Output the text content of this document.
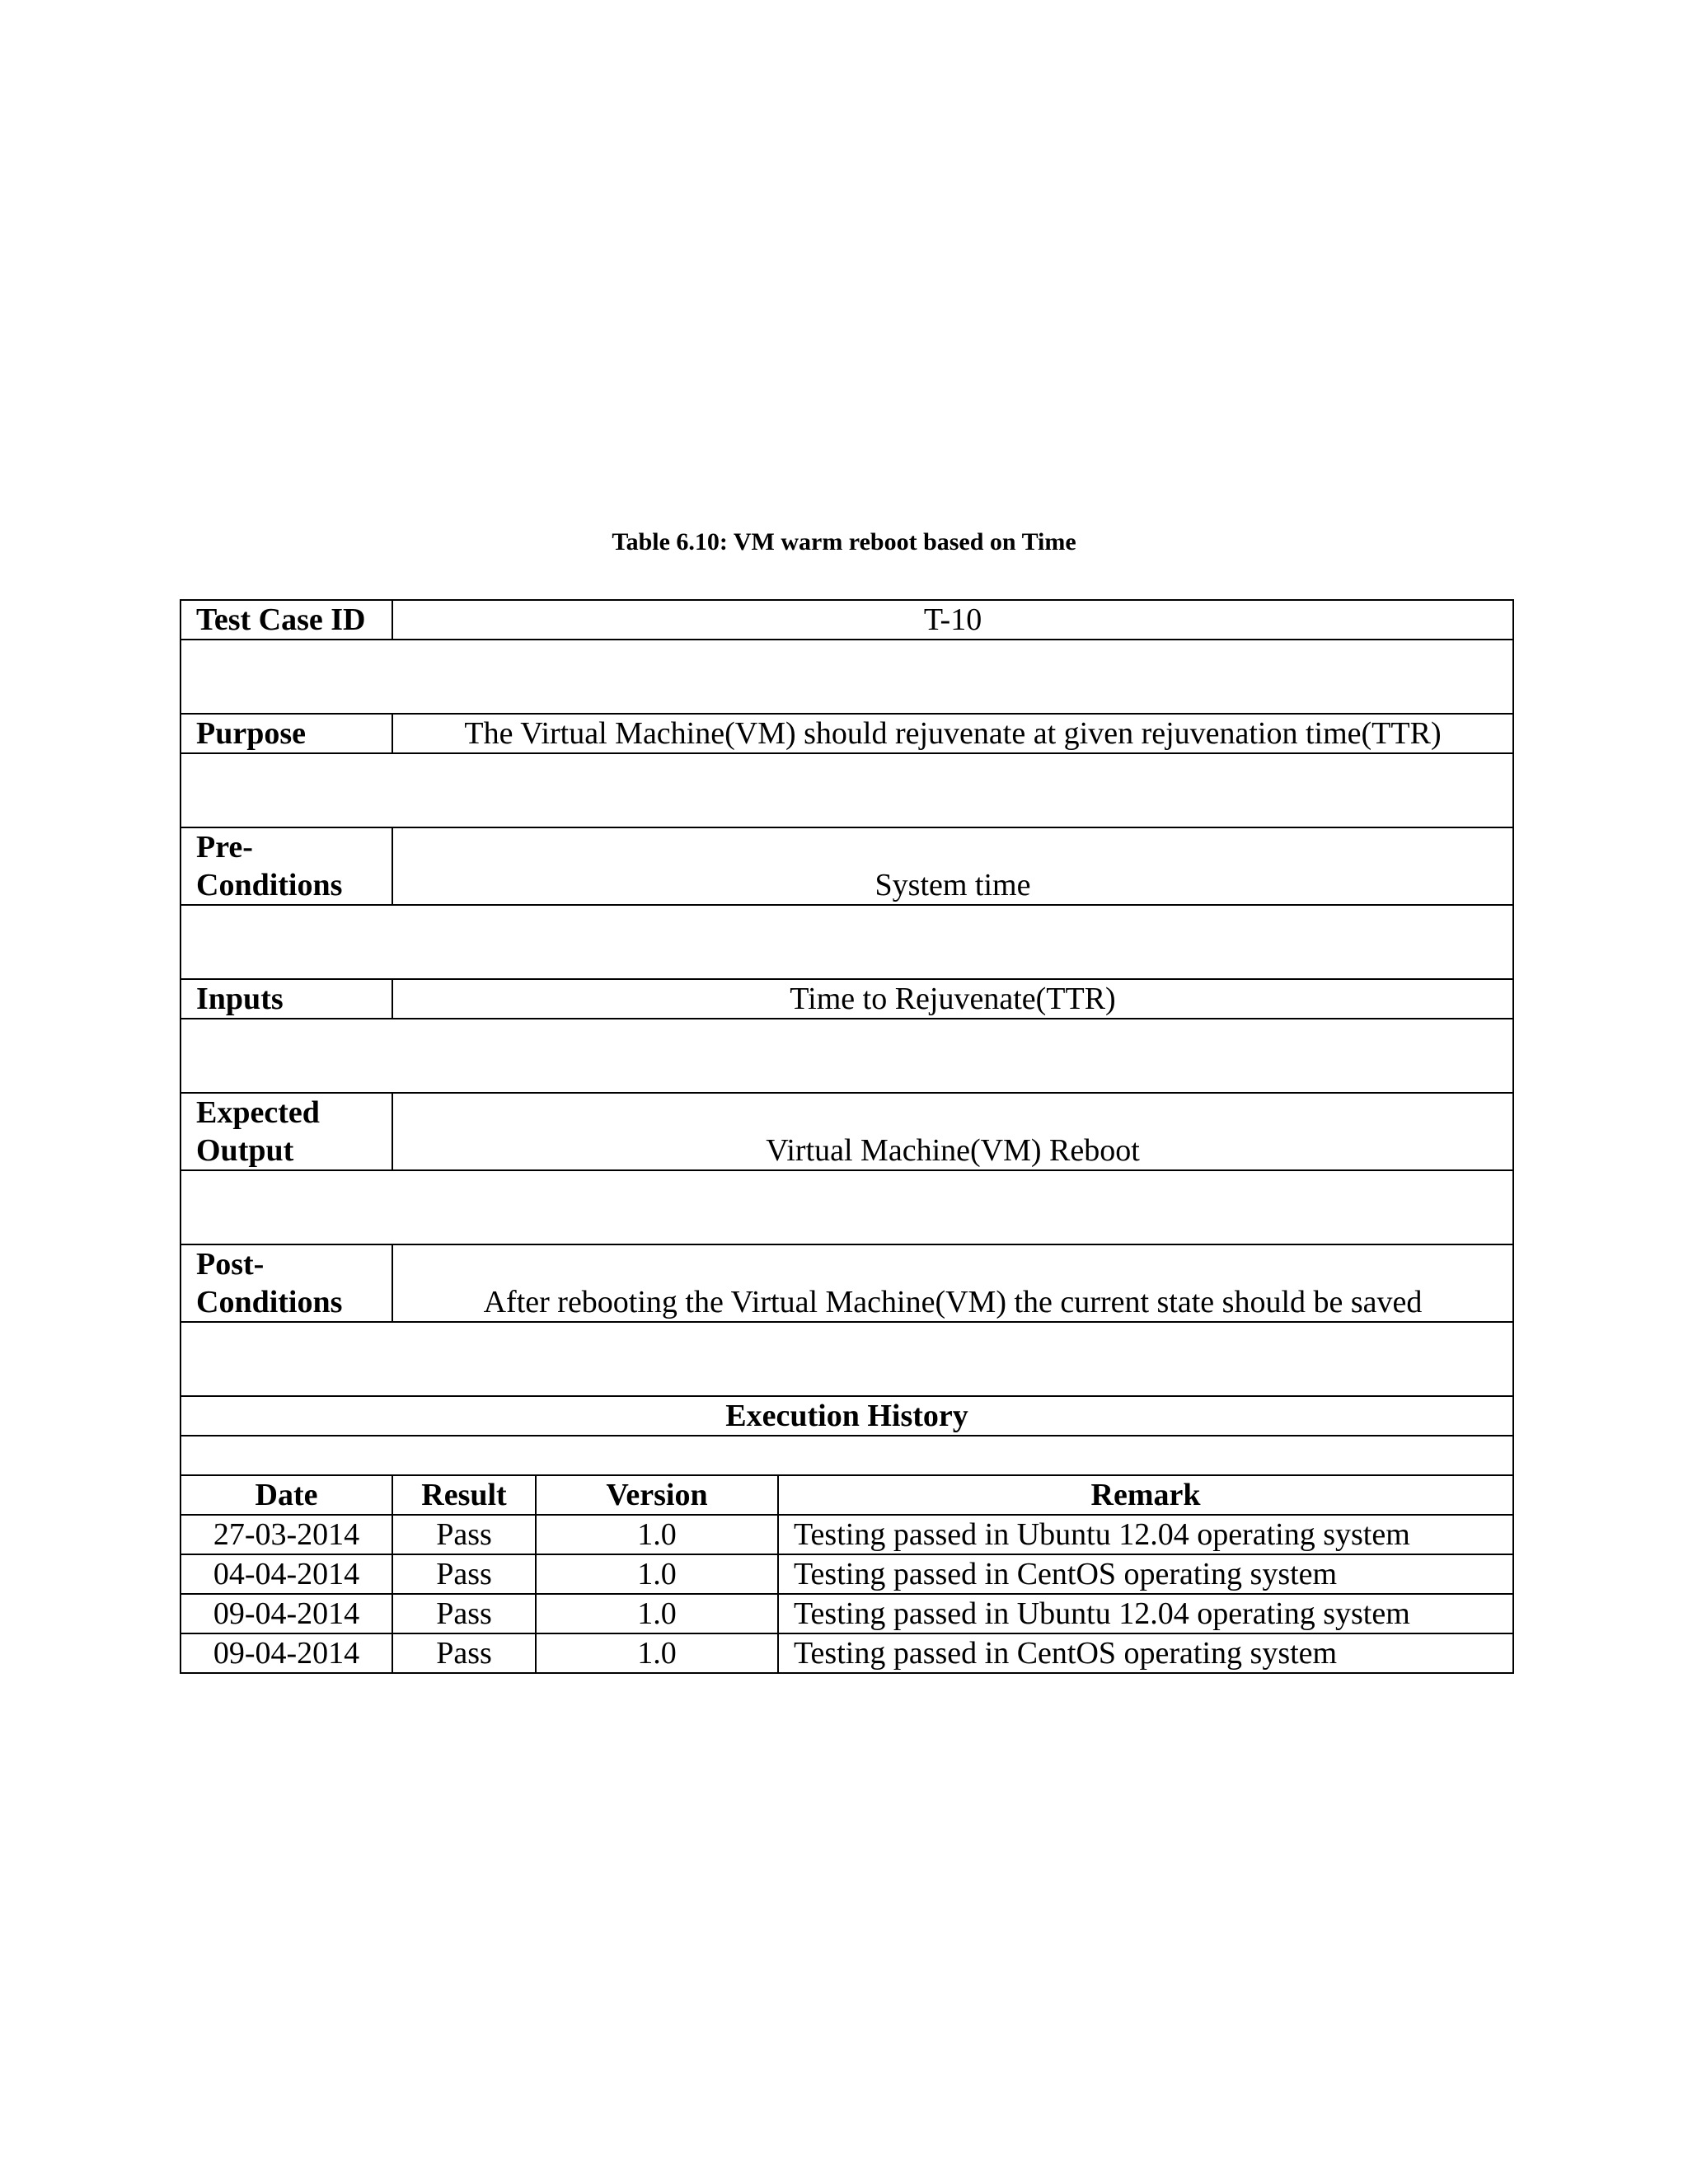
Table 6.10: VM warm reboot based on Time
Test Case ID	T-10		

Purpose	The Virtual Machine(VM) should rejuvenate at given rejuvenation time(TTR)		

Pre-
Conditions	System time		

Inputs	Time to Rejuvenate(TTR)		

Expected
Output	Virtual Machine(VM) Reboot		

Post-
Conditions	After rebooting the Virtual Machine(VM) the current state should be saved		

Execution History			

Date	Result	Version	Remark
27-03-2014	Pass	1.0	Testing passed in Ubuntu 12.04 operating system
04-04-2014	Pass	1.0	Testing passed in CentOS operating system
09-04-2014	Pass	1.0	Testing passed in Ubuntu 12.04 operating system
09-04-2014	Pass	1.0	Testing passed in CentOS operating system
